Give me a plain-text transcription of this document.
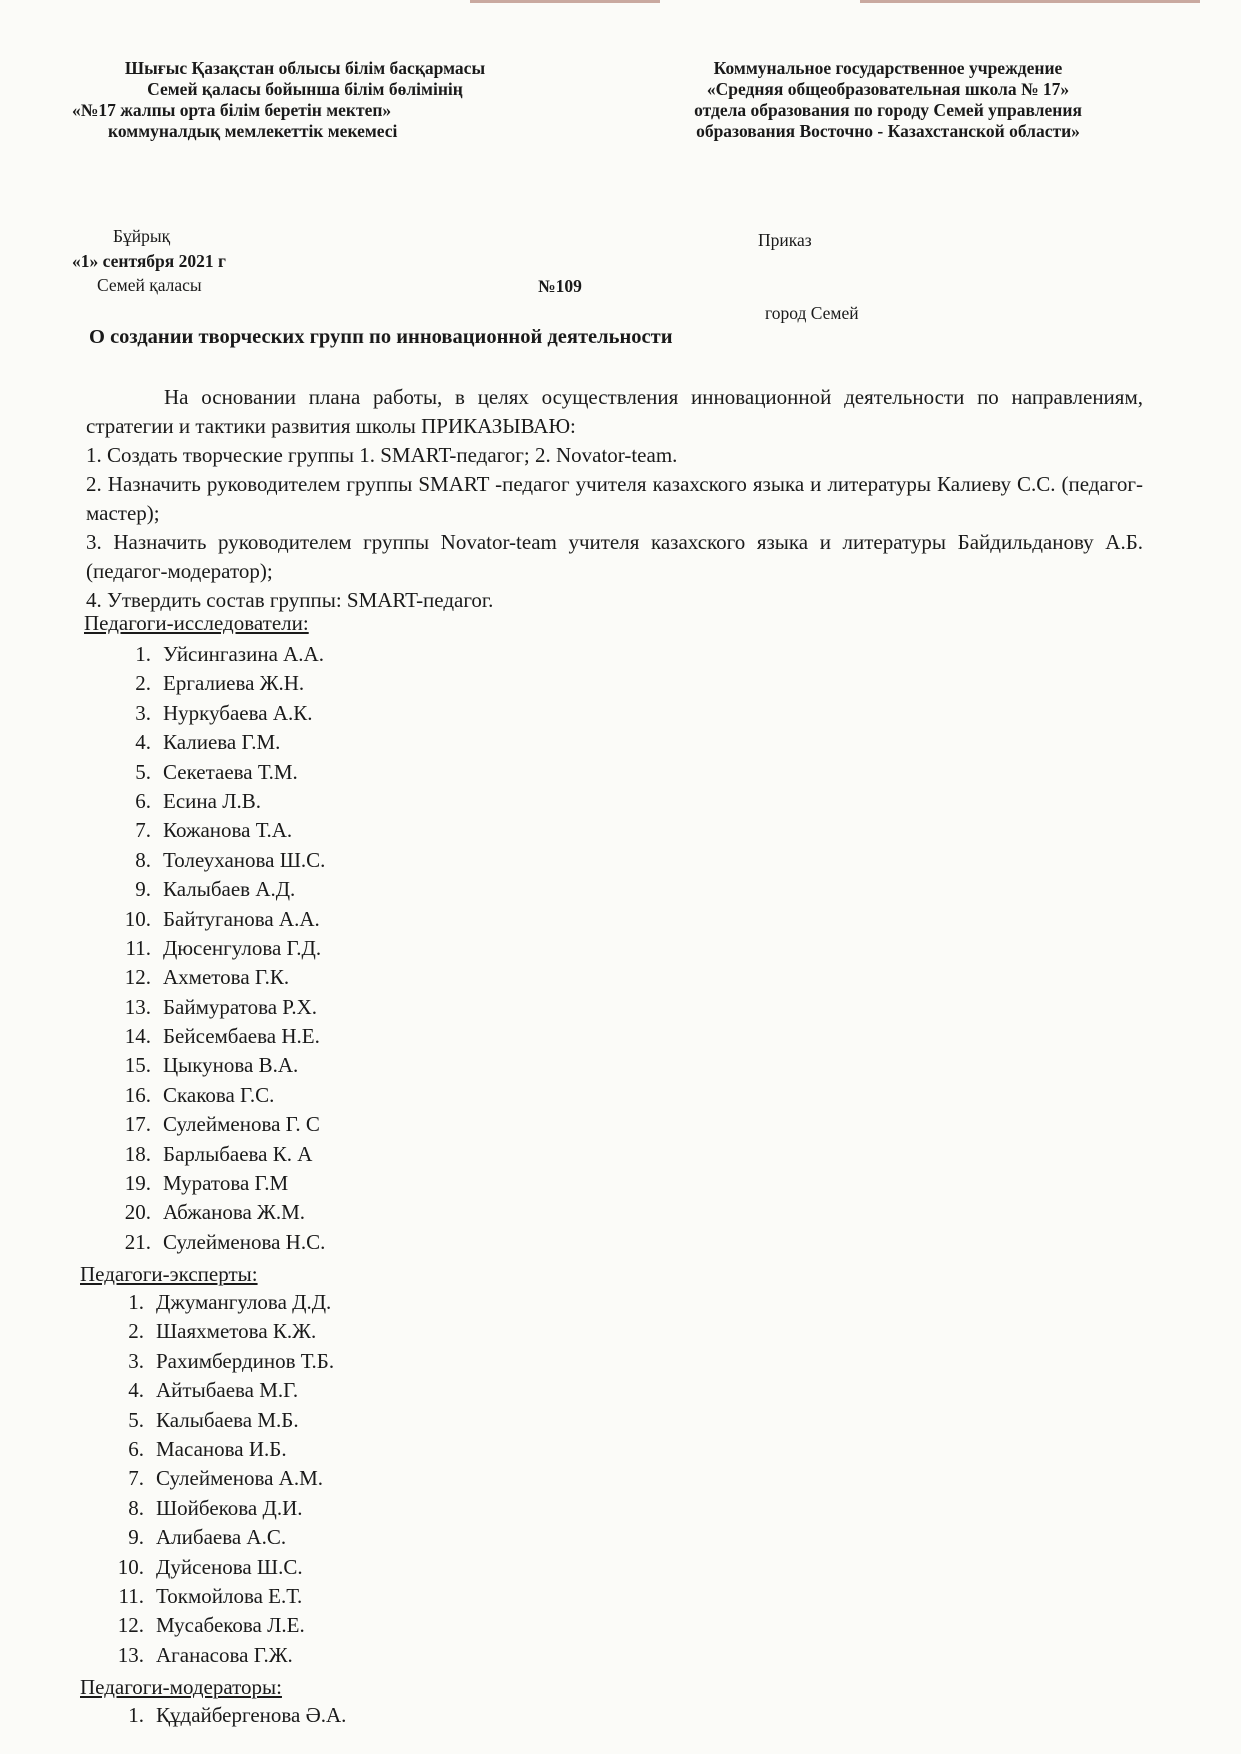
Шығыс Қазақстан облысы білім басқармасы
Семей қаласы бойынша білім бөлімінің
«№17 жалпы орта білім беретін мектеп»
коммуналдық мемлекеттік мекемесі
Коммунальное государственное учреждение
«Средняя общеобразовательная школа № 17»
отдела образования по городу Семей управления
образования Восточно - Казахстанской области»
Бұйрық	Приказ
«1» сентября 2021 г
Семей қаласы	№109
город Семей
О создании творческих групп по инновационной деятельности

На основании плана работы, в целях осуществления инновационной деятельности по направлениям, стратегии и тактики развития школы ПРИКАЗЫВАЮ:

1. Создать творческие группы 1. SMART-педагог; 2. Novator-team.

2. Назначить руководителем группы SMART -педагог учителя казахского языка и литературы Калиеву С.С. (педагог-мастер);

3. Назначить руководителем группы Novator-team учителя казахского языка и литературы Байдильданову А.Б. (педагог-модератор);

4. Утвердить состав группы: SMART-педагог.

Педагоги-исследователи:
1. Уйсингазина А.А.
2. Ергалиева Ж.Н.
3. Нуркубаева А.К.
4. Калиева Г.М.
5. Секетаева Т.М.
6. Есина Л.В.
7. Кожанова Т.А.
8. Толеуханова Ш.С.
9. Калыбаев А.Д.
10. Байтуганова А.А.
11. Дюсенгулова Г.Д.
12. Ахметова Г.К.
13. Баймуратова Р.Х.
14. Бейсембаева Н.Е.
15. Цыкунова В.А.
16. Скакова Г.С.
17. Сулейменова Г. С
18. Барлыбаева К. А
19. Муратова Г.М
20. Абжанова Ж.М.
21. Сулейменова Н.С.
Педагоги-эксперты:
1. Джумангулова Д.Д.
2. Шаяхметова К.Ж.
3. Рахимбердинов Т.Б.
4. Айтыбаева М.Г.
5. Калыбаева М.Б.
6. Масанова И.Б.
7. Сулейменова А.М.
8. Шойбекова Д.И.
9. Алибаева А.С.
10. Дуйсенова Ш.С.
11. Токмойлова Е.Т.
12. Мусабекова Л.Е.
13. Аганасова Г.Ж.
Педагоги-модераторы:
1. Құдайбергенова Ә.А.
